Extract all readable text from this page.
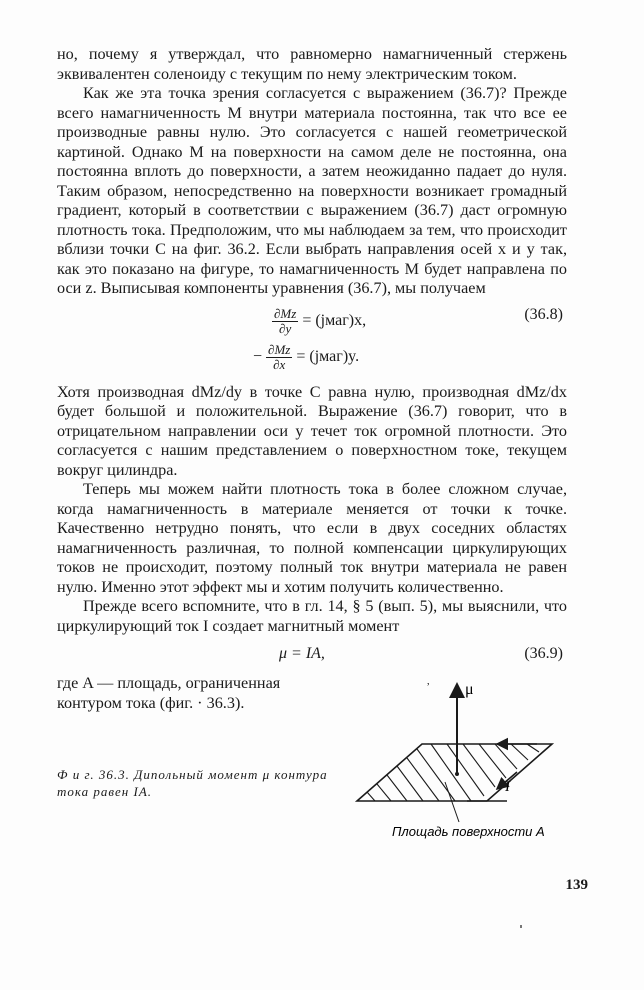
но, почему я утверждал, что равномерно намагниченный стержень эквивалентен соленоиду с текущим по нему электрическим током.

Как же эта точка зрения согласуется с выражением (36.7)? Прежде всего намагниченность M внутри материала постоянна, так что все ее производные равны нулю. Это согласуется с нашей геометрической картиной. Однако M на поверхности на самом деле не постоянна, она постоянна вплоть до поверхности, а затем неожиданно падает до нуля. Таким образом, непосредственно на поверхности возникает громадный градиент, который в соответствии с выражением (36.7) даст огромную плотность тока. Предположим, что мы наблюдаем за тем, что происходит вблизи точки C на фиг. 36.2. Если выбрать направления осей x и y так, как это показано на фигуре, то намагниченность M будет направлена по оси z. Выписывая компоненты уравнения (36.7), мы получаем

$\frac{\partial Mz}{\partial y}$ = (jмаг)x,	(36.8)
− $\frac{\partial Mz}{\partial x}$ = (jмаг)y.

Хотя производная dMz/dy в точке C равна нулю, производная dMz/dx будет большой и положительной. Выражение (36.7) говорит, что в отрицательном направлении оси y течет ток огромной плотности. Это согласуется с нашим представлением о поверхностном токе, текущем вокруг цилиндра.

Теперь мы можем найти плотность тока в более сложном случае, когда намагниченность в материале меняется от точки к точке. Качественно нетрудно понять, что если в двух соседних областях намагниченность различная, то полной компенсации циркулирующих токов не происходит, поэтому полный ток внутри материала не равен нулю. Именно этот эффект мы и хотим получить количественно.

Прежде всего вспомните, что в гл. 14, § 5 (вып. 5), мы выяснили, что циркулирующий ток I создает магнитный момент

μ = IA,	(36.9)
где A — площадь, ограниченная контуром тока (фиг. · 36.3).
Ф и г. 36.3. Дипольный момент μ контура тока равен IA.
μ
I
Площадь поверхности A
,
139
